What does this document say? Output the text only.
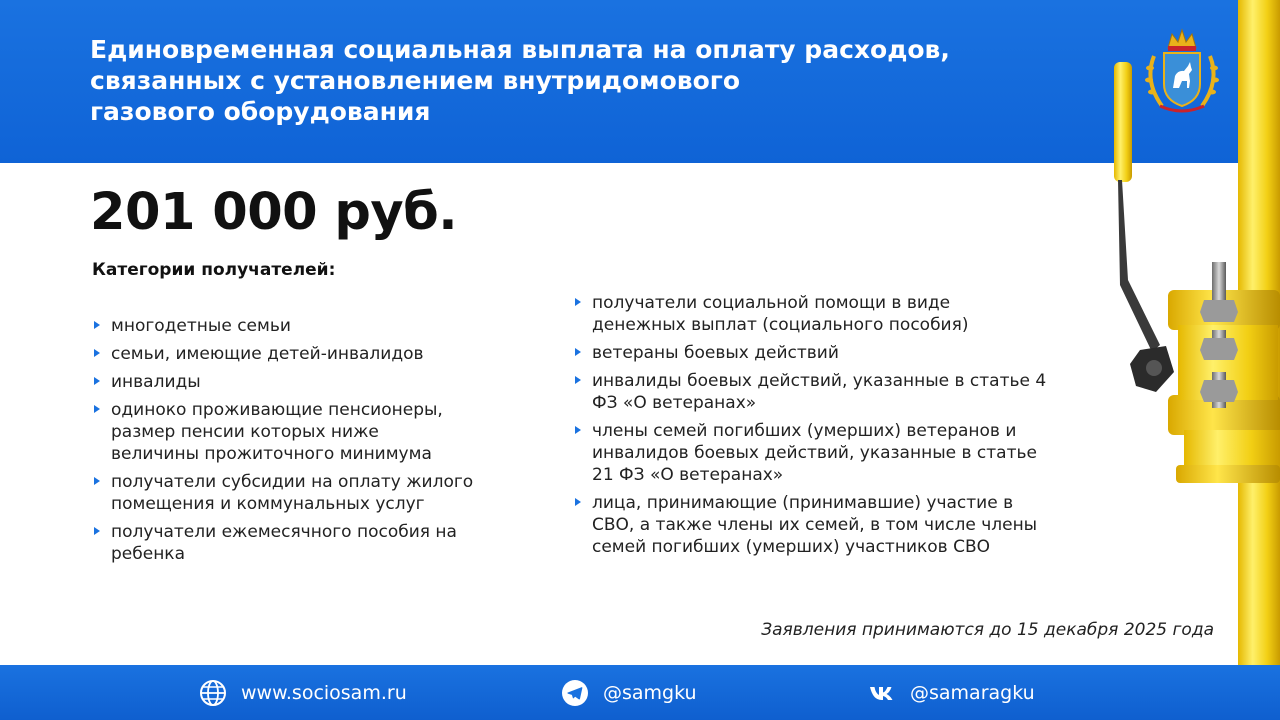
Единовременная социальная выплата на оплату расходов,
связанных с установлением внутридомового
газового оборудования
201 000 руб.
Категории получателей:
многодетные семьи
семьи, имеющие детей-инвалидов
инвалиды
одиноко проживающие пенсионеры,
размер пенсии которых ниже
величины прожиточного минимума
получатели субсидии на оплату жилого
помещения и коммунальных услуг
получатели ежемесячного пособия на
ребенка
получатели социальной помощи в виде
денежных выплат (социального пособия)
ветераны боевых действий
инвалиды боевых действий, указанные в статье 4
ФЗ «О ветеранах»
члены семей погибших (умерших) ветеранов и
инвалидов боевых действий, указанные в статье
21 ФЗ «О ветеранах»
лица, принимающие (принимавшие) участие в
СВО, а также члены их семей, в том числе члены
семей погибших (умерших) участников СВО

Заявления принимаются до 15 декабря 2025 года

www.sociosam.ru	@samgku	@samaragku
